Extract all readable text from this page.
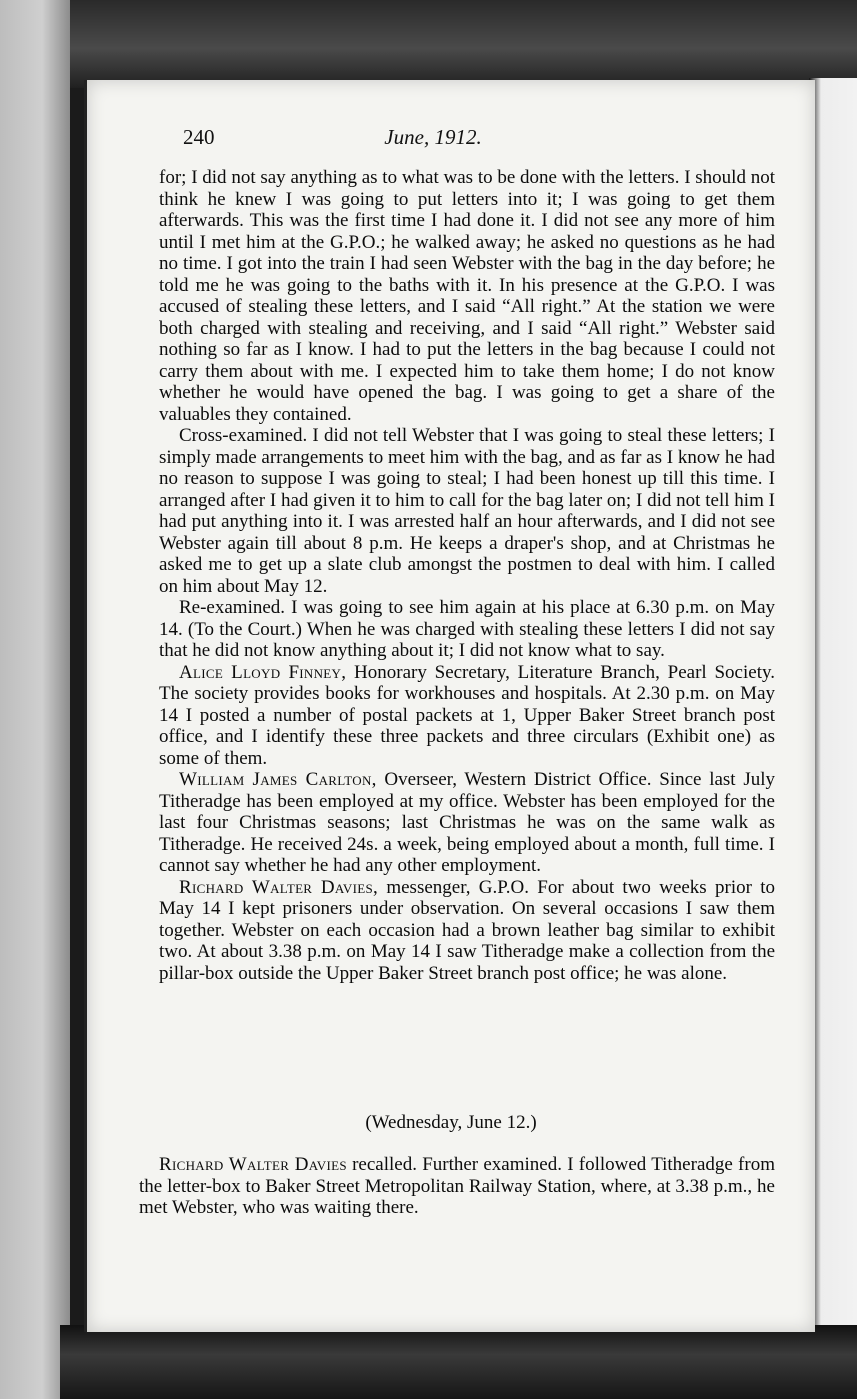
240	June, 1912.

for; I did not say anything as to what was to be done with the letters. I should not think he knew I was going to put letters into it; I was going to get them afterwards. This was the first time I had done it. I did not see any more of him until I met him at the G.P.O.; he walked away; he asked no questions as he had no time. I got into the train I had seen Webster with the bag in the day before; he told me he was going to the baths with it. In his presence at the G.P.O. I was accused of stealing these letters, and I said “All right.” At the station we were both charged with stealing and receiving, and I said “All right.” Webster said nothing so far as I know. I had to put the letters in the bag because I could not carry them about with me. I expected him to take them home; I do not know whether he would have opened the bag. I was going to get a share of the valuables they contained.

Cross-examined. I did not tell Webster that I was going to steal these letters; I simply made arrangements to meet him with the bag, and as far as I know he had no reason to suppose I was going to steal; I had been honest up till this time. I arranged after I had given it to him to call for the bag later on; I did not tell him I had put anything into it. I was arrested half an hour afterwards, and I did not see Webster again till about 8 p.m. He keeps a draper's shop, and at Christmas he asked me to get up a slate club amongst the postmen to deal with him. I called on him about May 12.

Re-examined. I was going to see him again at his place at 6.30 p.m. on May 14. (To the Court.) When he was charged with stealing these letters I did not say that he did not know anything about it; I did not know what to say.

Alice Lloyd Finney, Honorary Secretary, Literature Branch, Pearl Society. The society provides books for workhouses and hospitals. At 2.30 p.m. on May 14 I posted a number of postal packets at 1, Upper Baker Street branch post office, and I identify these three packets and three circulars (Exhibit one) as some of them.

William James Carlton, Overseer, Western District Office. Since last July Titheradge has been employed at my office. Webster has been employed for the last four Christmas seasons; last Christmas he was on the same walk as Titheradge. He received 24s. a week, being employed about a month, full time. I cannot say whether he had any other employment.

Richard Walter Davies, messenger, G.P.O. For about two weeks prior to May 14 I kept prisoners under observation. On several occasions I saw them together. Webster on each occasion had a brown leather bag similar to exhibit two. At about 3.38 p.m. on May 14 I saw Titheradge make a collection from the pillar-box outside the Upper Baker Street branch post office; he was alone.

(Wednesday, June 12.)

Richard Walter Davies recalled. Further examined. I followed Titheradge from the letter-box to Baker Street Metropolitan Railway Station, where, at 3.38 p.m., he met Webster, who was waiting there.
